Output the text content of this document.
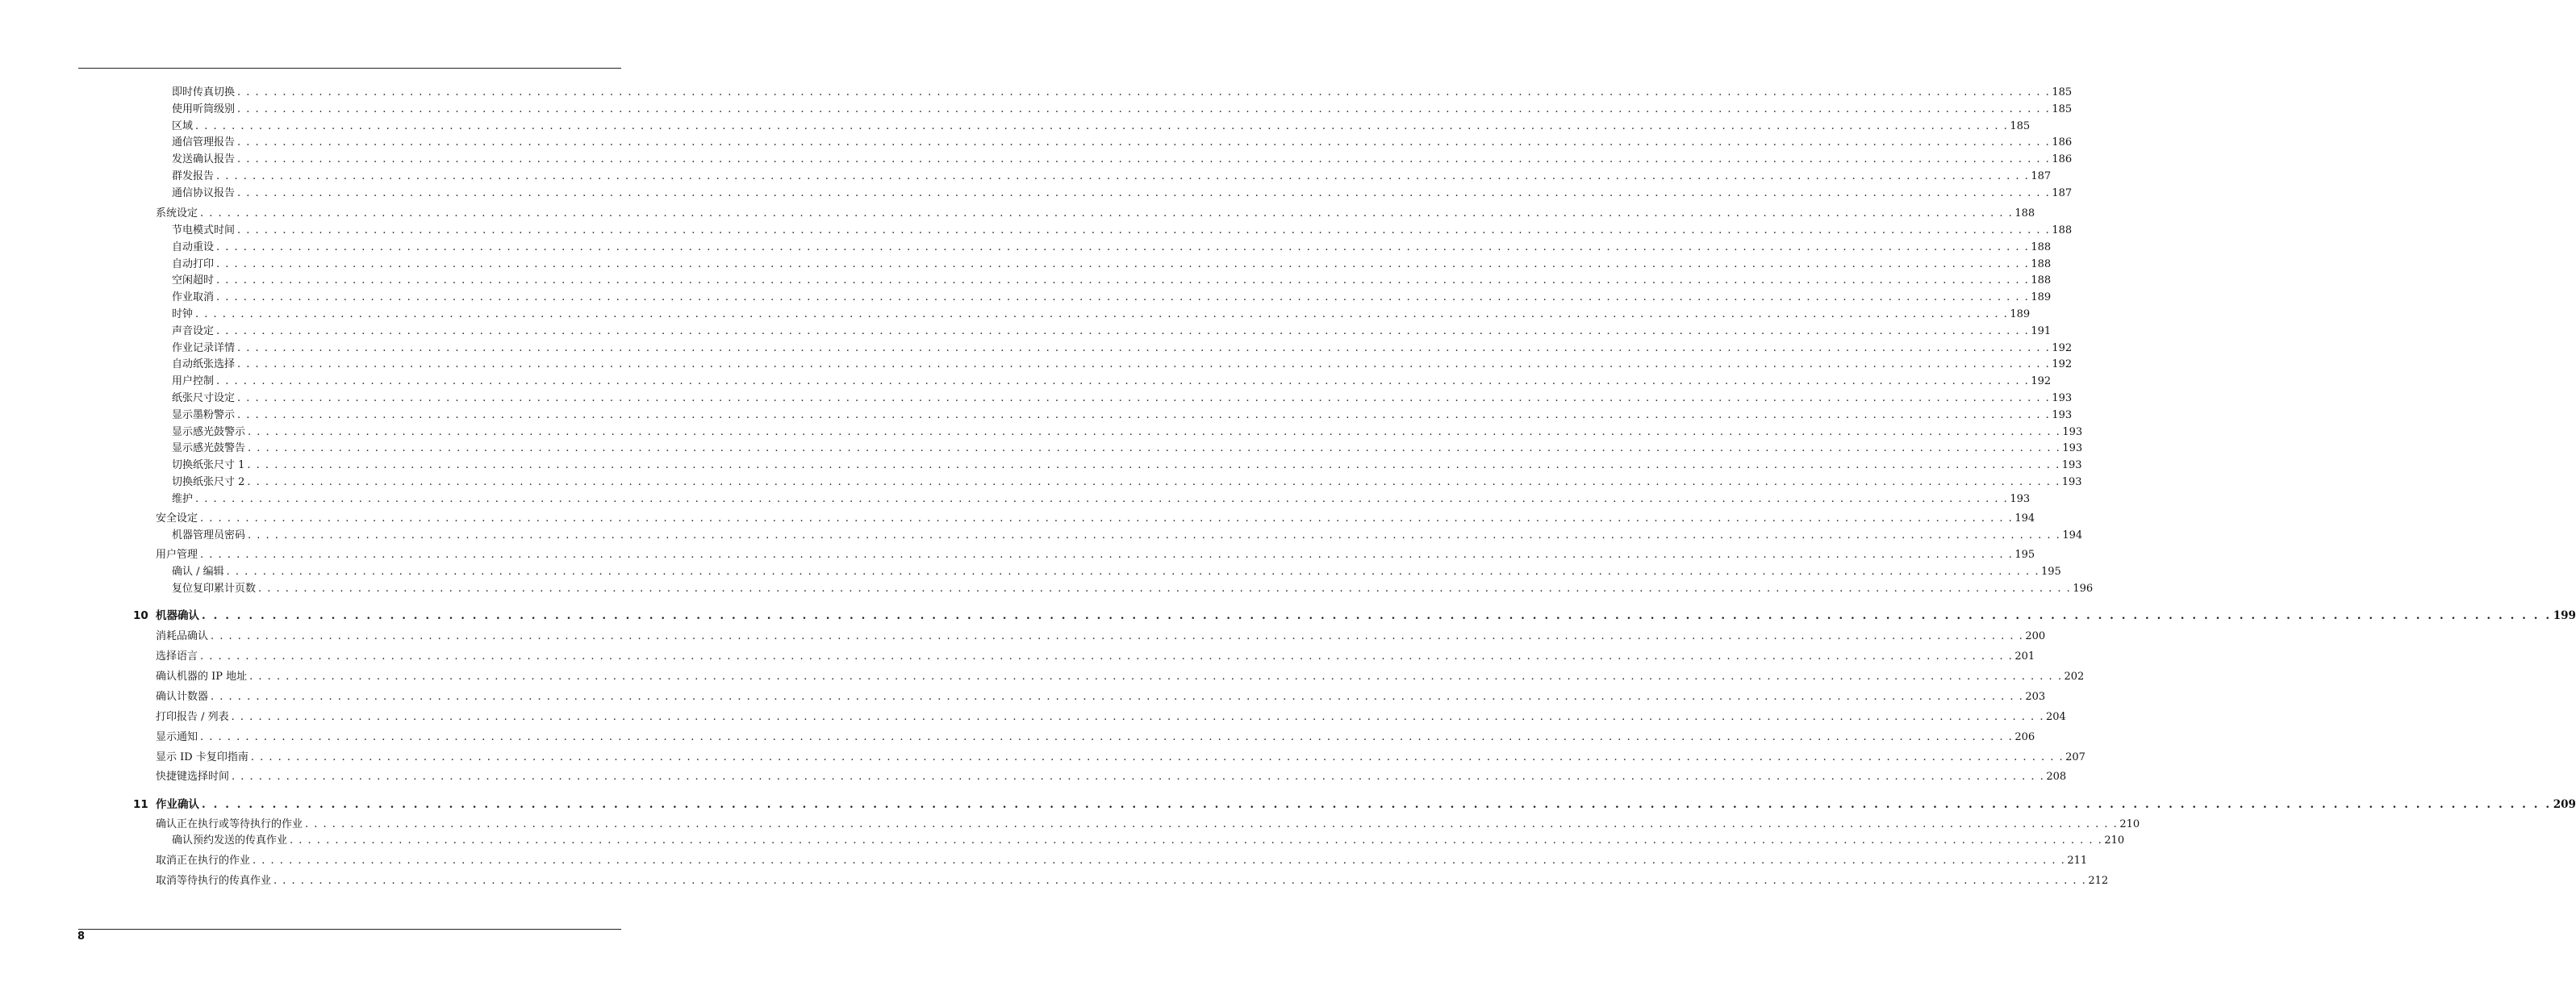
即时传真切换 . . . . . . . . . . . . . . . . . . . . . . . . . . . . . . . . . . . . . . . . . . . . . . . . . . . . . . . . . . . . . . . . . . . . . . . . . . . . . . . . . . . . . . . . . . . . . . . . . . . . . . . . . . . . . . . . . . . . . . . . . . . . . . . . . . . . . . . . . . . . . . . . . . . . . . . . . . . . . . . . . . . . . . . . . . . . . . . . . . . . . . . . . . . . . . . . . . . . . . . . 185
使用听筒级别 . . . . . . . . . . . . . . . . . . . . . . . . . . . . . . . . . . . . . . . . . . . . . . . . . . . . . . . . . . . . . . . . . . . . . . . . . . . . . . . . . . . . . . . . . . . . . . . . . . . . . . . . . . . . . . . . . . . . . . . . . . . . . . . . . . . . . . . . . . . . . . . . . . . . . . . . . . . . . . . . . . . . . . . . . . . . . . . . . . . . . . . . . . . . . . . . . . . . . . . . 185
区域 . . . . . . . . . . . . . . . . . . . . . . . . . . . . . . . . . . . . . . . . . . . . . . . . . . . . . . . . . . . . . . . . . . . . . . . . . . . . . . . . . . . . . . . . . . . . . . . . . . . . . . . . . . . . . . . . . . . . . . . . . . . . . . . . . . . . . . . . . . . . . . . . . . . . . . . . . . . . . . . . . . . . . . . . . . . . . . . . . . . . . . . . . . . . . . . . . . . . . . . . 185
通信管理报告 . . . . . . . . . . . . . . . . . . . . . . . . . . . . . . . . . . . . . . . . . . . . . . . . . . . . . . . . . . . . . . . . . . . . . . . . . . . . . . . . . . . . . . . . . . . . . . . . . . . . . . . . . . . . . . . . . . . . . . . . . . . . . . . . . . . . . . . . . . . . . . . . . . . . . . . . . . . . . . . . . . . . . . . . . . . . . . . . . . . . . . . . . . . . . . . . . . . . . . . . 186
发送确认报告 . . . . . . . . . . . . . . . . . . . . . . . . . . . . . . . . . . . . . . . . . . . . . . . . . . . . . . . . . . . . . . . . . . . . . . . . . . . . . . . . . . . . . . . . . . . . . . . . . . . . . . . . . . . . . . . . . . . . . . . . . . . . . . . . . . . . . . . . . . . . . . . . . . . . . . . . . . . . . . . . . . . . . . . . . . . . . . . . . . . . . . . . . . . . . . . . . . . . . . . . 186
群发报告 . . . . . . . . . . . . . . . . . . . . . . . . . . . . . . . . . . . . . . . . . . . . . . . . . . . . . . . . . . . . . . . . . . . . . . . . . . . . . . . . . . . . . . . . . . . . . . . . . . . . . . . . . . . . . . . . . . . . . . . . . . . . . . . . . . . . . . . . . . . . . . . . . . . . . . . . . . . . . . . . . . . . . . . . . . . . . . . . . . . . . . . . . . . . . . . . . . . . . . . . 187
通信协议报告 . . . . . . . . . . . . . . . . . . . . . . . . . . . . . . . . . . . . . . . . . . . . . . . . . . . . . . . . . . . . . . . . . . . . . . . . . . . . . . . . . . . . . . . . . . . . . . . . . . . . . . . . . . . . . . . . . . . . . . . . . . . . . . . . . . . . . . . . . . . . . . . . . . . . . . . . . . . . . . . . . . . . . . . . . . . . . . . . . . . . . . . . . . . . . . . . . . . . . . . . 187
系统设定 . . . . . . . . . . . . . . . . . . . . . . . . . . . . . . . . . . . . . . . . . . . . . . . . . . . . . . . . . . . . . . . . . . . . . . . . . . . . . . . . . . . . . . . . . . . . . . . . . . . . . . . . . . . . . . . . . . . . . . . . . . . . . . . . . . . . . . . . . . . . . . . . . . . . . . . . . . . . . . . . . . . . . . . . . . . . . . . . . . . . . . . . . . . . . . . . . . . . . . . . 188
节电模式时间 . . . . . . . . . . . . . . . . . . . . . . . . . . . . . . . . . . . . . . . . . . . . . . . . . . . . . . . . . . . . . . . . . . . . . . . . . . . . . . . . . . . . . . . . . . . . . . . . . . . . . . . . . . . . . . . . . . . . . . . . . . . . . . . . . . . . . . . . . . . . . . . . . . . . . . . . . . . . . . . . . . . . . . . . . . . . . . . . . . . . . . . . . . . . . . . . . . . . . . . . 188
自动重设 . . . . . . . . . . . . . . . . . . . . . . . . . . . . . . . . . . . . . . . . . . . . . . . . . . . . . . . . . . . . . . . . . . . . . . . . . . . . . . . . . . . . . . . . . . . . . . . . . . . . . . . . . . . . . . . . . . . . . . . . . . . . . . . . . . . . . . . . . . . . . . . . . . . . . . . . . . . . . . . . . . . . . . . . . . . . . . . . . . . . . . . . . . . . . . . . . . . . . . . . 188
自动打印 . . . . . . . . . . . . . . . . . . . . . . . . . . . . . . . . . . . . . . . . . . . . . . . . . . . . . . . . . . . . . . . . . . . . . . . . . . . . . . . . . . . . . . . . . . . . . . . . . . . . . . . . . . . . . . . . . . . . . . . . . . . . . . . . . . . . . . . . . . . . . . . . . . . . . . . . . . . . . . . . . . . . . . . . . . . . . . . . . . . . . . . . . . . . . . . . . . . . . . . . 188
空闲超时 . . . . . . . . . . . . . . . . . . . . . . . . . . . . . . . . . . . . . . . . . . . . . . . . . . . . . . . . . . . . . . . . . . . . . . . . . . . . . . . . . . . . . . . . . . . . . . . . . . . . . . . . . . . . . . . . . . . . . . . . . . . . . . . . . . . . . . . . . . . . . . . . . . . . . . . . . . . . . . . . . . . . . . . . . . . . . . . . . . . . . . . . . . . . . . . . . . . . . . . . 188
作业取消 . . . . . . . . . . . . . . . . . . . . . . . . . . . . . . . . . . . . . . . . . . . . . . . . . . . . . . . . . . . . . . . . . . . . . . . . . . . . . . . . . . . . . . . . . . . . . . . . . . . . . . . . . . . . . . . . . . . . . . . . . . . . . . . . . . . . . . . . . . . . . . . . . . . . . . . . . . . . . . . . . . . . . . . . . . . . . . . . . . . . . . . . . . . . . . . . . . . . . . . . 189
时钟 . . . . . . . . . . . . . . . . . . . . . . . . . . . . . . . . . . . . . . . . . . . . . . . . . . . . . . . . . . . . . . . . . . . . . . . . . . . . . . . . . . . . . . . . . . . . . . . . . . . . . . . . . . . . . . . . . . . . . . . . . . . . . . . . . . . . . . . . . . . . . . . . . . . . . . . . . . . . . . . . . . . . . . . . . . . . . . . . . . . . . . . . . . . . . . . . . . . . . . . . 189
声音设定 . . . . . . . . . . . . . . . . . . . . . . . . . . . . . . . . . . . . . . . . . . . . . . . . . . . . . . . . . . . . . . . . . . . . . . . . . . . . . . . . . . . . . . . . . . . . . . . . . . . . . . . . . . . . . . . . . . . . . . . . . . . . . . . . . . . . . . . . . . . . . . . . . . . . . . . . . . . . . . . . . . . . . . . . . . . . . . . . . . . . . . . . . . . . . . . . . . . . . . . . 191
作业记录详情 . . . . . . . . . . . . . . . . . . . . . . . . . . . . . . . . . . . . . . . . . . . . . . . . . . . . . . . . . . . . . . . . . . . . . . . . . . . . . . . . . . . . . . . . . . . . . . . . . . . . . . . . . . . . . . . . . . . . . . . . . . . . . . . . . . . . . . . . . . . . . . . . . . . . . . . . . . . . . . . . . . . . . . . . . . . . . . . . . . . . . . . . . . . . . . . . . . . . . . . . 192
自动纸张选择 . . . . . . . . . . . . . . . . . . . . . . . . . . . . . . . . . . . . . . . . . . . . . . . . . . . . . . . . . . . . . . . . . . . . . . . . . . . . . . . . . . . . . . . . . . . . . . . . . . . . . . . . . . . . . . . . . . . . . . . . . . . . . . . . . . . . . . . . . . . . . . . . . . . . . . . . . . . . . . . . . . . . . . . . . . . . . . . . . . . . . . . . . . . . . . . . . . . . . . . . 192
用户控制 . . . . . . . . . . . . . . . . . . . . . . . . . . . . . . . . . . . . . . . . . . . . . . . . . . . . . . . . . . . . . . . . . . . . . . . . . . . . . . . . . . . . . . . . . . . . . . . . . . . . . . . . . . . . . . . . . . . . . . . . . . . . . . . . . . . . . . . . . . . . . . . . . . . . . . . . . . . . . . . . . . . . . . . . . . . . . . . . . . . . . . . . . . . . . . . . . . . . . . . . 192
纸张尺寸设定 . . . . . . . . . . . . . . . . . . . . . . . . . . . . . . . . . . . . . . . . . . . . . . . . . . . . . . . . . . . . . . . . . . . . . . . . . . . . . . . . . . . . . . . . . . . . . . . . . . . . . . . . . . . . . . . . . . . . . . . . . . . . . . . . . . . . . . . . . . . . . . . . . . . . . . . . . . . . . . . . . . . . . . . . . . . . . . . . . . . . . . . . . . . . . . . . . . . . . . . . 193
显示墨粉警示 . . . . . . . . . . . . . . . . . . . . . . . . . . . . . . . . . . . . . . . . . . . . . . . . . . . . . . . . . . . . . . . . . . . . . . . . . . . . . . . . . . . . . . . . . . . . . . . . . . . . . . . . . . . . . . . . . . . . . . . . . . . . . . . . . . . . . . . . . . . . . . . . . . . . . . . . . . . . . . . . . . . . . . . . . . . . . . . . . . . . . . . . . . . . . . . . . . . . . . . . 193
显示感光鼓警示 . . . . . . . . . . . . . . . . . . . . . . . . . . . . . . . . . . . . . . . . . . . . . . . . . . . . . . . . . . . . . . . . . . . . . . . . . . . . . . . . . . . . . . . . . . . . . . . . . . . . . . . . . . . . . . . . . . . . . . . . . . . . . . . . . . . . . . . . . . . . . . . . . . . . . . . . . . . . . . . . . . . . . . . . . . . . . . . . . . . . . . . . . . . . . . . . . . . . . . . . 193
显示感光鼓警告 . . . . . . . . . . . . . . . . . . . . . . . . . . . . . . . . . . . . . . . . . . . . . . . . . . . . . . . . . . . . . . . . . . . . . . . . . . . . . . . . . . . . . . . . . . . . . . . . . . . . . . . . . . . . . . . . . . . . . . . . . . . . . . . . . . . . . . . . . . . . . . . . . . . . . . . . . . . . . . . . . . . . . . . . . . . . . . . . . . . . . . . . . . . . . . . . . . . . . . . . 193
切换纸张尺寸 1 . . . . . . . . . . . . . . . . . . . . . . . . . . . . . . . . . . . . . . . . . . . . . . . . . . . . . . . . . . . . . . . . . . . . . . . . . . . . . . . . . . . . . . . . . . . . . . . . . . . . . . . . . . . . . . . . . . . . . . . . . . . . . . . . . . . . . . . . . . . . . . . . . . . . . . . . . . . . . . . . . . . . . . . . . . . . . . . . . . . . . . . . . . . . . . . . . . . . . . . . 193
切换纸张尺寸 2 . . . . . . . . . . . . . . . . . . . . . . . . . . . . . . . . . . . . . . . . . . . . . . . . . . . . . . . . . . . . . . . . . . . . . . . . . . . . . . . . . . . . . . . . . . . . . . . . . . . . . . . . . . . . . . . . . . . . . . . . . . . . . . . . . . . . . . . . . . . . . . . . . . . . . . . . . . . . . . . . . . . . . . . . . . . . . . . . . . . . . . . . . . . . . . . . . . . . . . . . 193
维护 . . . . . . . . . . . . . . . . . . . . . . . . . . . . . . . . . . . . . . . . . . . . . . . . . . . . . . . . . . . . . . . . . . . . . . . . . . . . . . . . . . . . . . . . . . . . . . . . . . . . . . . . . . . . . . . . . . . . . . . . . . . . . . . . . . . . . . . . . . . . . . . . . . . . . . . . . . . . . . . . . . . . . . . . . . . . . . . . . . . . . . . . . . . . . . . . . . . . . . . . 193
安全设定 . . . . . . . . . . . . . . . . . . . . . . . . . . . . . . . . . . . . . . . . . . . . . . . . . . . . . . . . . . . . . . . . . . . . . . . . . . . . . . . . . . . . . . . . . . . . . . . . . . . . . . . . . . . . . . . . . . . . . . . . . . . . . . . . . . . . . . . . . . . . . . . . . . . . . . . . . . . . . . . . . . . . . . . . . . . . . . . . . . . . . . . . . . . . . . . . . . . . . . . . 194
机器管理员密码 . . . . . . . . . . . . . . . . . . . . . . . . . . . . . . . . . . . . . . . . . . . . . . . . . . . . . . . . . . . . . . . . . . . . . . . . . . . . . . . . . . . . . . . . . . . . . . . . . . . . . . . . . . . . . . . . . . . . . . . . . . . . . . . . . . . . . . . . . . . . . . . . . . . . . . . . . . . . . . . . . . . . . . . . . . . . . . . . . . . . . . . . . . . . . . . . . . . . . . . . 194
用户管理 . . . . . . . . . . . . . . . . . . . . . . . . . . . . . . . . . . . . . . . . . . . . . . . . . . . . . . . . . . . . . . . . . . . . . . . . . . . . . . . . . . . . . . . . . . . . . . . . . . . . . . . . . . . . . . . . . . . . . . . . . . . . . . . . . . . . . . . . . . . . . . . . . . . . . . . . . . . . . . . . . . . . . . . . . . . . . . . . . . . . . . . . . . . . . . . . . . . . . . . . 195
确认 / 编辑 . . . . . . . . . . . . . . . . . . . . . . . . . . . . . . . . . . . . . . . . . . . . . . . . . . . . . . . . . . . . . . . . . . . . . . . . . . . . . . . . . . . . . . . . . . . . . . . . . . . . . . . . . . . . . . . . . . . . . . . . . . . . . . . . . . . . . . . . . . . . . . . . . . . . . . . . . . . . . . . . . . . . . . . . . . . . . . . . . . . . . . . . . . . . . . . . . . . . . . . . 195
复位复印累计页数 . . . . . . . . . . . . . . . . . . . . . . . . . . . . . . . . . . . . . . . . . . . . . . . . . . . . . . . . . . . . . . . . . . . . . . . . . . . . . . . . . . . . . . . . . . . . . . . . . . . . . . . . . . . . . . . . . . . . . . . . . . . . . . . . . . . . . . . . . . . . . . . . . . . . . . . . . . . . . . . . . . . . . . . . . . . . . . . . . . . . . . . . . . . . . . . . . . . . . . . . 196
10 机器确认 . . . . . . . . . . . . . . . . . . . . . . . . . . . . . . . . . . . . . . . . . . . . . . . . . . . . . . . . . . . . . . . . . . . . . . . . . . . . . . . . . . . . . . . . . . . . . . . . . . . . . . . . . . . . . . . . . . . . . . . . . . . . . . . . . . . . . . . . . . . . . . . . . . . . . . . . . . . . . . . . . . . . . . . . . . . . . . . . . . . . . . . . . . . . . . . . . . . . . . . . 199
消耗品确认 . . . . . . . . . . . . . . . . . . . . . . . . . . . . . . . . . . . . . . . . . . . . . . . . . . . . . . . . . . . . . . . . . . . . . . . . . . . . . . . . . . . . . . . . . . . . . . . . . . . . . . . . . . . . . . . . . . . . . . . . . . . . . . . . . . . . . . . . . . . . . . . . . . . . . . . . . . . . . . . . . . . . . . . . . . . . . . . . . . . . . . . . . . . . . . . . . . . . . . . . 200
选择语言 . . . . . . . . . . . . . . . . . . . . . . . . . . . . . . . . . . . . . . . . . . . . . . . . . . . . . . . . . . . . . . . . . . . . . . . . . . . . . . . . . . . . . . . . . . . . . . . . . . . . . . . . . . . . . . . . . . . . . . . . . . . . . . . . . . . . . . . . . . . . . . . . . . . . . . . . . . . . . . . . . . . . . . . . . . . . . . . . . . . . . . . . . . . . . . . . . . . . . . . . 201
确认机器的 IP 地址 . . . . . . . . . . . . . . . . . . . . . . . . . . . . . . . . . . . . . . . . . . . . . . . . . . . . . . . . . . . . . . . . . . . . . . . . . . . . . . . . . . . . . . . . . . . . . . . . . . . . . . . . . . . . . . . . . . . . . . . . . . . . . . . . . . . . . . . . . . . . . . . . . . . . . . . . . . . . . . . . . . . . . . . . . . . . . . . . . . . . . . . . . . . . . . . . . . . . . . . . 202
确认计数器 . . . . . . . . . . . . . . . . . . . . . . . . . . . . . . . . . . . . . . . . . . . . . . . . . . . . . . . . . . . . . . . . . . . . . . . . . . . . . . . . . . . . . . . . . . . . . . . . . . . . . . . . . . . . . . . . . . . . . . . . . . . . . . . . . . . . . . . . . . . . . . . . . . . . . . . . . . . . . . . . . . . . . . . . . . . . . . . . . . . . . . . . . . . . . . . . . . . . . . . . 203
打印报告 / 列表 . . . . . . . . . . . . . . . . . . . . . . . . . . . . . . . . . . . . . . . . . . . . . . . . . . . . . . . . . . . . . . . . . . . . . . . . . . . . . . . . . . . . . . . . . . . . . . . . . . . . . . . . . . . . . . . . . . . . . . . . . . . . . . . . . . . . . . . . . . . . . . . . . . . . . . . . . . . . . . . . . . . . . . . . . . . . . . . . . . . . . . . . . . . . . . . . . . . . . . . . 204
显示通知 . . . . . . . . . . . . . . . . . . . . . . . . . . . . . . . . . . . . . . . . . . . . . . . . . . . . . . . . . . . . . . . . . . . . . . . . . . . . . . . . . . . . . . . . . . . . . . . . . . . . . . . . . . . . . . . . . . . . . . . . . . . . . . . . . . . . . . . . . . . . . . . . . . . . . . . . . . . . . . . . . . . . . . . . . . . . . . . . . . . . . . . . . . . . . . . . . . . . . . . . 206
显示 ID 卡复印指南 . . . . . . . . . . . . . . . . . . . . . . . . . . . . . . . . . . . . . . . . . . . . . . . . . . . . . . . . . . . . . . . . . . . . . . . . . . . . . . . . . . . . . . . . . . . . . . . . . . . . . . . . . . . . . . . . . . . . . . . . . . . . . . . . . . . . . . . . . . . . . . . . . . . . . . . . . . . . . . . . . . . . . . . . . . . . . . . . . . . . . . . . . . . . . . . . . . . . . . . . 207
快捷键选择时间 . . . . . . . . . . . . . . . . . . . . . . . . . . . . . . . . . . . . . . . . . . . . . . . . . . . . . . . . . . . . . . . . . . . . . . . . . . . . . . . . . . . . . . . . . . . . . . . . . . . . . . . . . . . . . . . . . . . . . . . . . . . . . . . . . . . . . . . . . . . . . . . . . . . . . . . . . . . . . . . . . . . . . . . . . . . . . . . . . . . . . . . . . . . . . . . . . . . . . . . . 208
11 作业确认 . . . . . . . . . . . . . . . . . . . . . . . . . . . . . . . . . . . . . . . . . . . . . . . . . . . . . . . . . . . . . . . . . . . . . . . . . . . . . . . . . . . . . . . . . . . . . . . . . . . . . . . . . . . . . . . . . . . . . . . . . . . . . . . . . . . . . . . . . . . . . . . . . . . . . . . . . . . . . . . . . . . . . . . . . . . . . . . . . . . . . . . . . . . . . . . . . . . . . . . . 209
确认正在执行或等待执行的作业 . . . . . . . . . . . . . . . . . . . . . . . . . . . . . . . . . . . . . . . . . . . . . . . . . . . . . . . . . . . . . . . . . . . . . . . . . . . . . . . . . . . . . . . . . . . . . . . . . . . . . . . . . . . . . . . . . . . . . . . . . . . . . . . . . . . . . . . . . . . . . . . . . . . . . . . . . . . . . . . . . . . . . . . . . . . . . . . . . . . . . . . . . . . . . . . . . . . . . . . . 210
确认预约发送的传真作业 . . . . . . . . . . . . . . . . . . . . . . . . . . . . . . . . . . . . . . . . . . . . . . . . . . . . . . . . . . . . . . . . . . . . . . . . . . . . . . . . . . . . . . . . . . . . . . . . . . . . . . . . . . . . . . . . . . . . . . . . . . . . . . . . . . . . . . . . . . . . . . . . . . . . . . . . . . . . . . . . . . . . . . . . . . . . . . . . . . . . . . . . . . . . . . . . . . . . . . . . 210
取消正在执行的作业 . . . . . . . . . . . . . . . . . . . . . . . . . . . . . . . . . . . . . . . . . . . . . . . . . . . . . . . . . . . . . . . . . . . . . . . . . . . . . . . . . . . . . . . . . . . . . . . . . . . . . . . . . . . . . . . . . . . . . . . . . . . . . . . . . . . . . . . . . . . . . . . . . . . . . . . . . . . . . . . . . . . . . . . . . . . . . . . . . . . . . . . . . . . . . . . . . . . . . . . . 211
取消等待执行的传真作业 . . . . . . . . . . . . . . . . . . . . . . . . . . . . . . . . . . . . . . . . . . . . . . . . . . . . . . . . . . . . . . . . . . . . . . . . . . . . . . . . . . . . . . . . . . . . . . . . . . . . . . . . . . . . . . . . . . . . . . . . . . . . . . . . . . . . . . . . . . . . . . . . . . . . . . . . . . . . . . . . . . . . . . . . . . . . . . . . . . . . . . . . . . . . . . . . . . . . . . . . 212
8
